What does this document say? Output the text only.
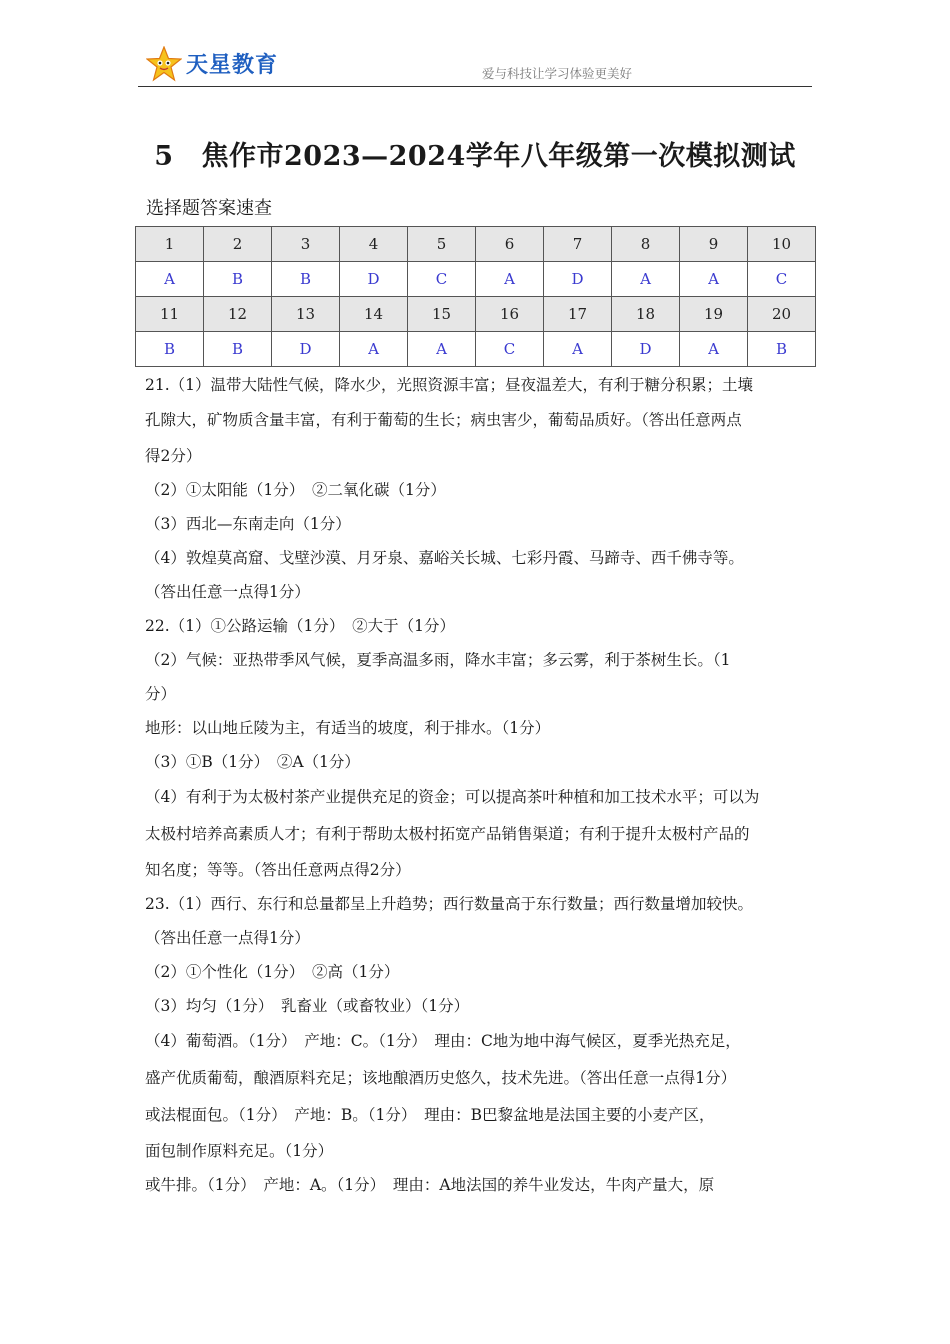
天星教育	爱与科技让学习体验更美好
5 焦作市2023—2024学年八年级第一次模拟测试
选择题答案速查
1	2	3	4	5	6	7	8	9	10
A	B	B	D	C	A	D	A	A	C
11	12	13	14	15	16	17	18	19	20
B	B	D	A	A	C	A	D	A	B
21.（1）温带大陆性气候，降水少，光照资源丰富；昼夜温差大，有利于糖分积累；土壤
孔隙大，矿物质含量丰富，有利于葡萄的生长；病虫害少，葡萄品质好。（答出任意两点
得2分）
（2）①太阳能（1分）　②二氧化碳（1分）
（3）西北—东南走向（1分）
（4）敦煌莫高窟、戈壁沙漠、月牙泉、嘉峪关长城、七彩丹霞、马蹄寺、西千佛寺等。
（答出任意一点得1分）
22.（1）①公路运输（1分）　②大于（1分）
（2）气候：亚热带季风气候，夏季高温多雨，降水丰富；多云雾，利于茶树生长。（1
分）
地形：以山地丘陵为主，有适当的坡度，利于排水。（1分）
（3）①B（1分）　②A（1分）
（4）有利于为太极村茶产业提供充足的资金；可以提高茶叶种植和加工技术水平；可以为
太极村培养高素质人才；有利于帮助太极村拓宽产品销售渠道；有利于提升太极村产品的
知名度；等等。（答出任意两点得2分）
23.（1）西行、东行和总量都呈上升趋势；西行数量高于东行数量；西行数量增加较快。
（答出任意一点得1分）
（2）①个性化（1分）　②高（1分）
（3）均匀（1分）　乳畜业（或畜牧业）（1分）
（4）葡萄酒。（1分）　产地：C。（1分）　理由：C地为地中海气候区，夏季光热充足，
盛产优质葡萄，酿酒原料充足；该地酿酒历史悠久，技术先进。（答出任意一点得1分）
或法棍面包。（1分）　产地：B。（1分）　理由：B巴黎盆地是法国主要的小麦产区，
面包制作原料充足。（1分）
或牛排。（1分）　产地：A。（1分）　理由：A地法国的养牛业发达，牛肉产量大，原
